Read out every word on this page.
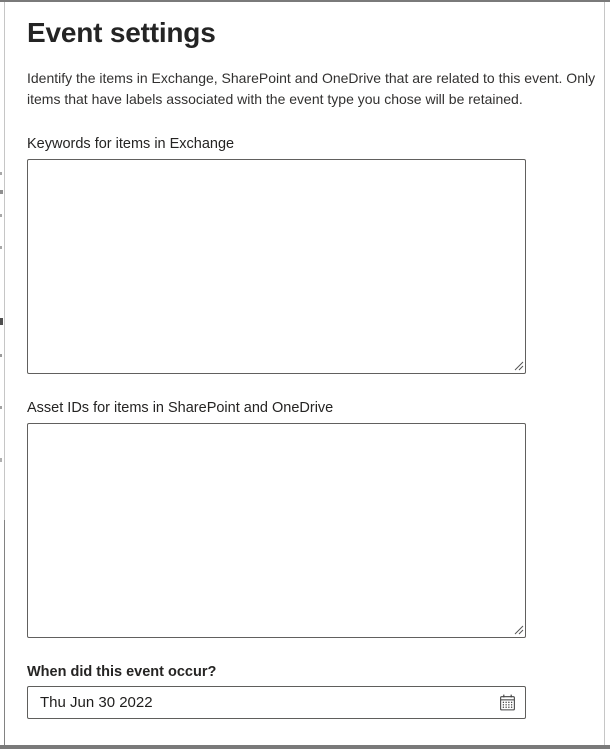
Event settings

Identify the items in Exchange, SharePoint and OneDrive that are related to this event. Only
items that have labels associated with the event type you chose will be retained.

Keywords for items in Exchange
Asset IDs for items in SharePoint and OneDrive
When did this event occur?
Thu Jun 30 2022
